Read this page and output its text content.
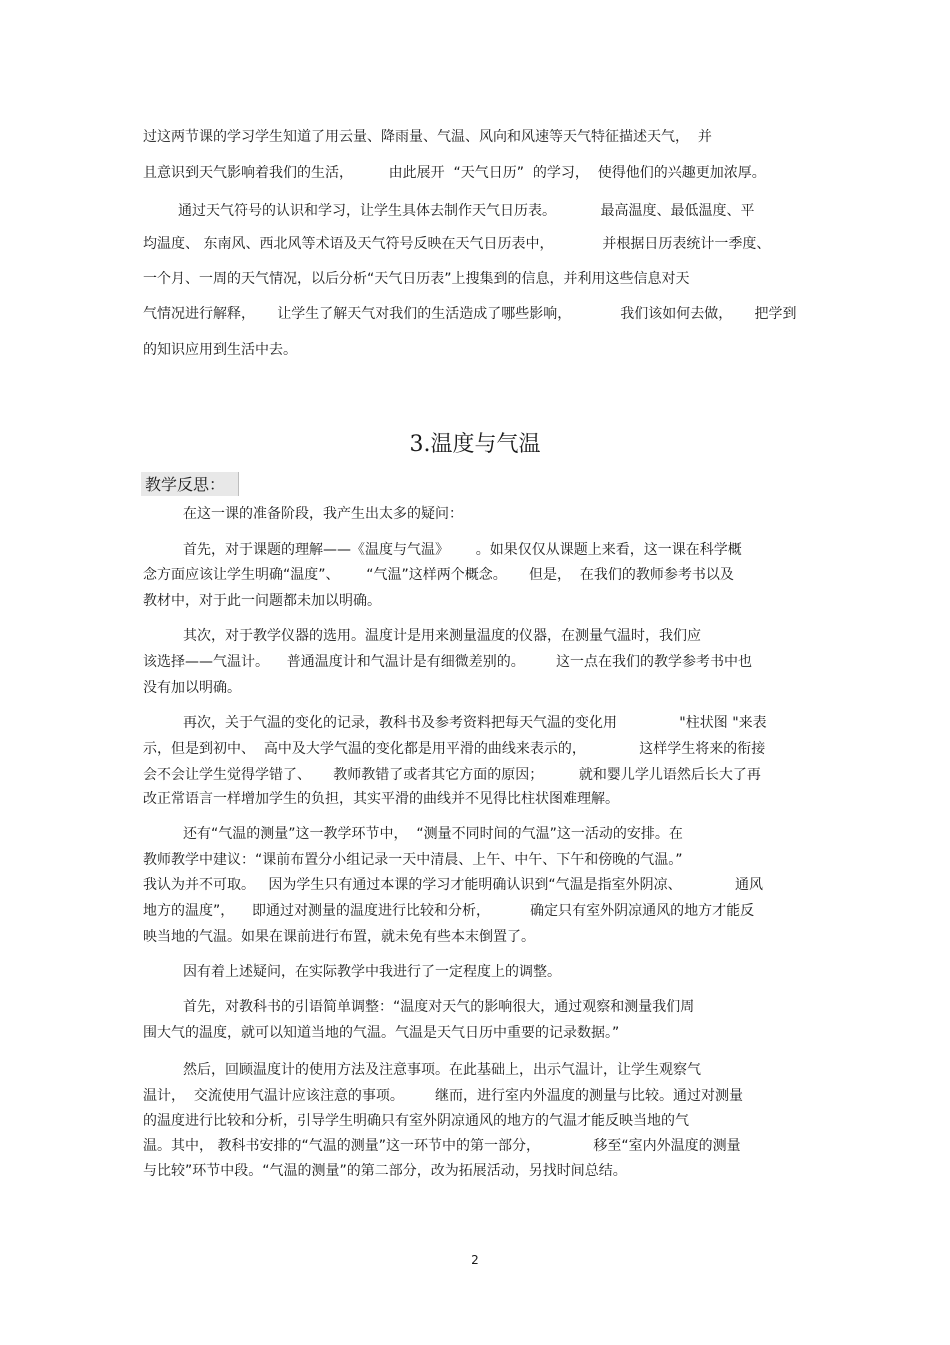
过这两节课的学习学生知道了用云量、降雨量、气温、风向和风速等天气特征描述天气，  并
且意识到天气影响着我们的生活，        由此展开  “天气日历”  的学习，  使得他们的兴趣更加浓厚。
通过天气符号的认识和学习，让学生具体去制作天气日历表。          最高温度、最低温度、平
均温度、 东南风、西北风等术语及天气符号反映在天气日历表中，           并根据日历表统计一季度、
一个月、一周的天气情况，以后分析“天气日历表”上搜集到的信息，并利用这些信息对天
气情况进行解释，     让学生了解天气对我们的生活造成了哪些影响，           我们该如何去做，     把学到
的知识应用到生活中去。
3.温度与气温
教学反思：
在这一课的准备阶段，我产生出太多的疑问：
首先，对于课题的理解——《温度与气温》      。如果仅仅从课题上来看，这一课在科学概
念方面应该让学生明确“温度”、      “气温”这样两个概念。     但是，  在我们的教师参考书以及
教材中，对于此一问题都未加以明确。
其次，对于教学仪器的选用。温度计是用来测量温度的仪器，在测量气温时，我们应
该选择——气温计。    普通温度计和气温计是有细微差别的。       这一点在我们的教学参考书中也
没有加以明确。
再次，关于气温的变化的记录，教科书及参考资料把每天气温的变化用              "柱状图 "来表
示，但是到初中、  高中及大学气温的变化都是用平滑的曲线来表示的，            这样学生将来的衔接
会不会让学生觉得学错了、     教师教错了或者其它方面的原因；        就和婴儿学儿语然后长大了再
改正常语言一样增加学生的负担，其实平滑的曲线并不见得比柱状图难理解。
还有“气温的测量”这一教学环节中，  “测量不同时间的气温”这一活动的安排。在
教师教学中建议：“课前布置分小组记录一天中清晨、上午、中午、下午和傍晚的气温。”
我认为并不可取。   因为学生只有通过本课的学习才能明确认识到“气温是指室外阴凉、            通风
地方的温度”，    即通过对测量的温度进行比较和分析，         确定只有室外阴凉通风的地方才能反
映当地的气温。如果在课前进行布置，就未免有些本末倒置了。
因有着上述疑问，在实际教学中我进行了一定程度上的调整。
首先，对教科书的引语简单调整：“温度对天气的影响很大，通过观察和测量我们周
围大气的温度，就可以知道当地的气温。气温是天气日历中重要的记录数据。”
然后，回顾温度计的使用方法及注意事项。在此基础上，出示气温计，让学生观察气
温计，  交流使用气温计应该注意的事项。       继而，进行室内外温度的测量与比较。通过对测量
的温度进行比较和分析，引导学生明确只有室外阴凉通风的地方的气温才能反映当地的气
温。其中， 教科书安排的“气温的测量”这一环节中的第一部分，            移至“室内外温度的测量
与比较”环节中段。“气温的测量”的第二部分，改为拓展活动，另找时间总结。
2
